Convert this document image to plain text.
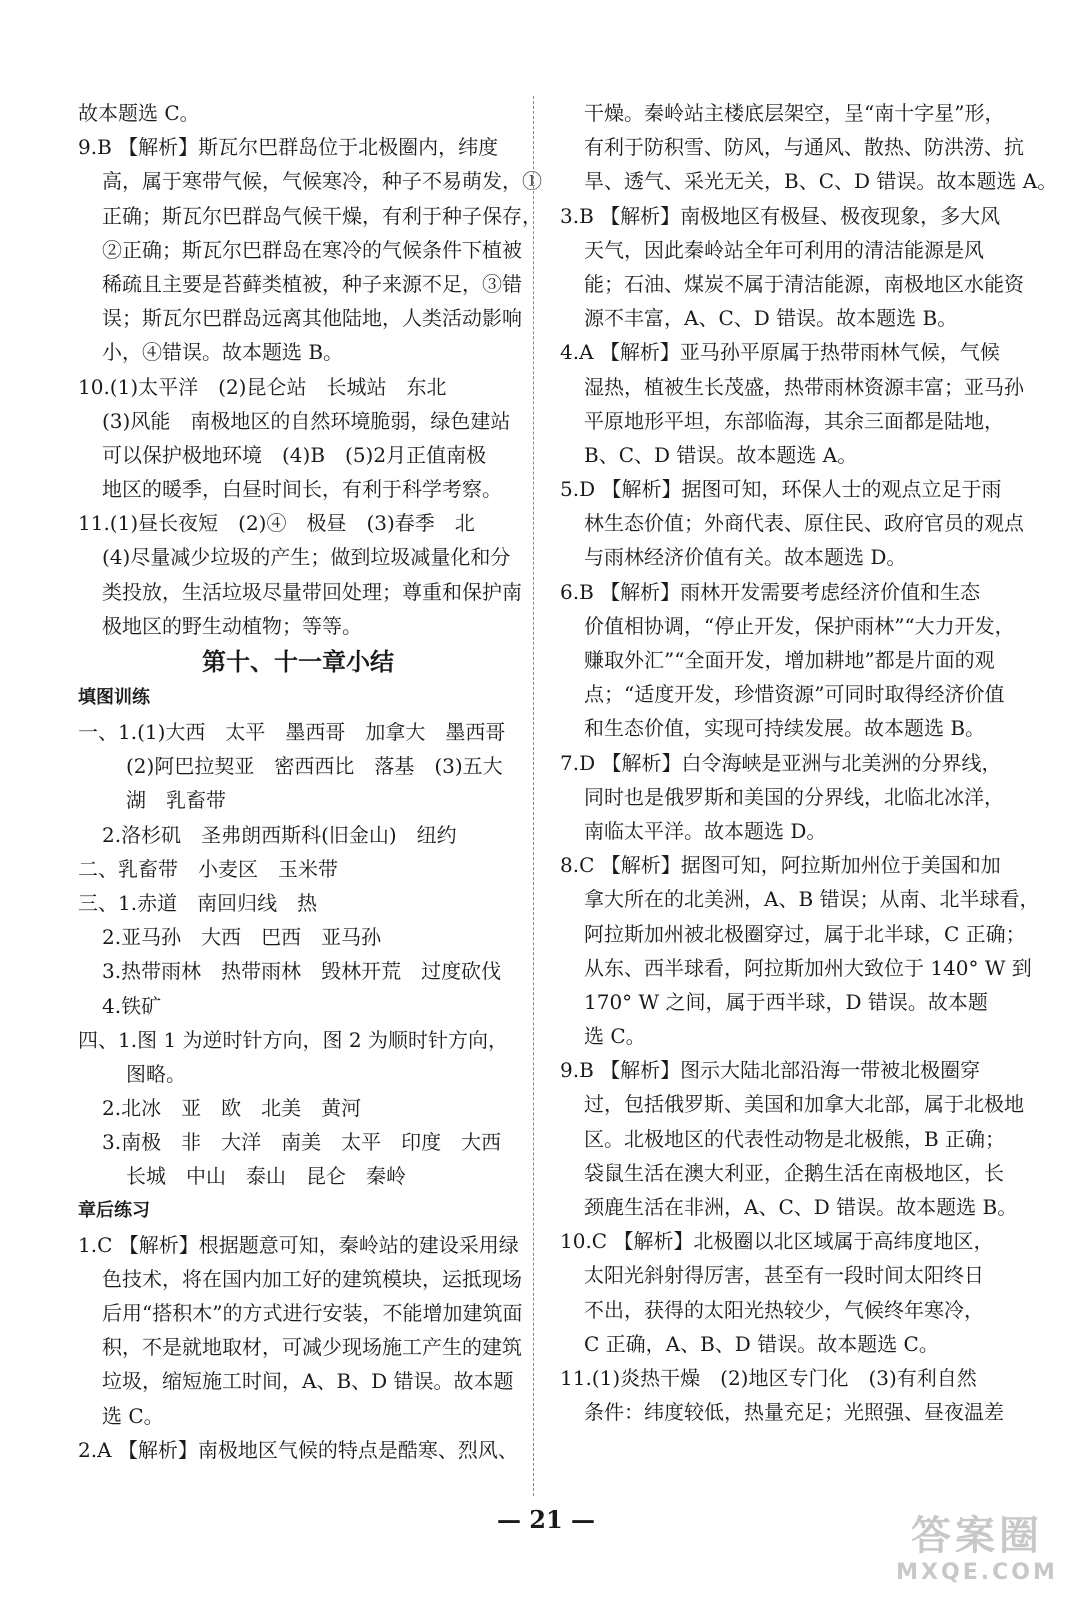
故本题选 C。
9.B 【解析】斯瓦尔巴群岛位于北极圈内，纬度
高，属于寒带气候，气候寒冷，种子不易萌发，①
正确；斯瓦尔巴群岛气候干燥，有利于种子保存，
②正确；斯瓦尔巴群岛在寒冷的气候条件下植被
稀疏且主要是苔藓类植被，种子来源不足，③错
误；斯瓦尔巴群岛远离其他陆地，人类活动影响
小，④错误。故本题选 B。
10.(1)太平洋　(2)昆仑站　长城站　东北
(3)风能　南极地区的自然环境脆弱，绿色建站
可以保护极地环境　(4)B　(5)2月正值南极
地区的暖季，白昼时间长，有利于科学考察。
11.(1)昼长夜短　(2)④　极昼　(3)春季　北
(4)尽量减少垃圾的产生；做到垃圾减量化和分
类投放，生活垃圾尽量带回处理；尊重和保护南
极地区的野生动植物；等等。
第十、十一章小结
填图训练
一、1.(1)大西　太平　墨西哥　加拿大　墨西哥
(2)阿巴拉契亚　密西西比　落基　(3)五大
湖　乳畜带
2.洛杉矶　圣弗朗西斯科(旧金山)　纽约
二、乳畜带　小麦区　玉米带
三、1.赤道　南回归线　热
2.亚马孙　大西　巴西　亚马孙
3.热带雨林　热带雨林　毁林开荒　过度砍伐
4.铁矿
四、1.图 1 为逆时针方向，图 2 为顺时针方向，
图略。
2.北冰　亚　欧　北美　黄河
3.南极　非　大洋　南美　太平　印度　大西
长城　中山　泰山　昆仑　秦岭
章后练习
1.C 【解析】根据题意可知，秦岭站的建设采用绿
色技术，将在国内加工好的建筑模块，运抵现场
后用“搭积木”的方式进行安装，不能增加建筑面
积，不是就地取材，可减少现场施工产生的建筑
垃圾，缩短施工时间，A、B、D 错误。故本题
选 C。
2.A 【解析】南极地区气候的特点是酷寒、烈风、
干燥。秦岭站主楼底层架空，呈“南十字星”形，
有利于防积雪、防风，与通风、散热、防洪涝、抗
旱、透气、采光无关，B、C、D 错误。故本题选 A。
3.B 【解析】南极地区有极昼、极夜现象，多大风
天气，因此秦岭站全年可利用的清洁能源是风
能；石油、煤炭不属于清洁能源，南极地区水能资
源不丰富，A、C、D 错误。故本题选 B。
4.A 【解析】亚马孙平原属于热带雨林气候，气候
湿热，植被生长茂盛，热带雨林资源丰富；亚马孙
平原地形平坦，东部临海，其余三面都是陆地，
B、C、D 错误。故本题选 A。
5.D 【解析】据图可知，环保人士的观点立足于雨
林生态价值；外商代表、原住民、政府官员的观点
与雨林经济价值有关。故本题选 D。
6.B 【解析】雨林开发需要考虑经济价值和生态
价值相协调，“停止开发，保护雨林”“大力开发，
赚取外汇”“全面开发，增加耕地”都是片面的观
点；“适度开发，珍惜资源”可同时取得经济价值
和生态价值，实现可持续发展。故本题选 B。
7.D 【解析】白令海峡是亚洲与北美洲的分界线，
同时也是俄罗斯和美国的分界线，北临北冰洋，
南临太平洋。故本题选 D。
8.C 【解析】据图可知，阿拉斯加州位于美国和加
拿大所在的北美洲，A、B 错误；从南、北半球看，
阿拉斯加州被北极圈穿过，属于北半球，C 正确；
从东、西半球看，阿拉斯加州大致位于 140° W 到
170° W 之间，属于西半球，D 错误。故本题
选 C。
9.B 【解析】图示大陆北部沿海一带被北极圈穿
过，包括俄罗斯、美国和加拿大北部，属于北极地
区。北极地区的代表性动物是北极熊，B 正确；
袋鼠生活在澳大利亚，企鹅生活在南极地区，长
颈鹿生活在非洲，A、C、D 错误。故本题选 B。
10.C 【解析】北极圈以北区域属于高纬度地区，
太阳光斜射得厉害，甚至有一段时间太阳终日
不出，获得的太阳光热较少，气候终年寒冷，
C 正确，A、B、D 错误。故本题选 C。
11.(1)炎热干燥　(2)地区专门化　(3)有利自然
条件：纬度较低，热量充足；光照强、昼夜温差
— 21 —	答案圈
MXQE.COM
